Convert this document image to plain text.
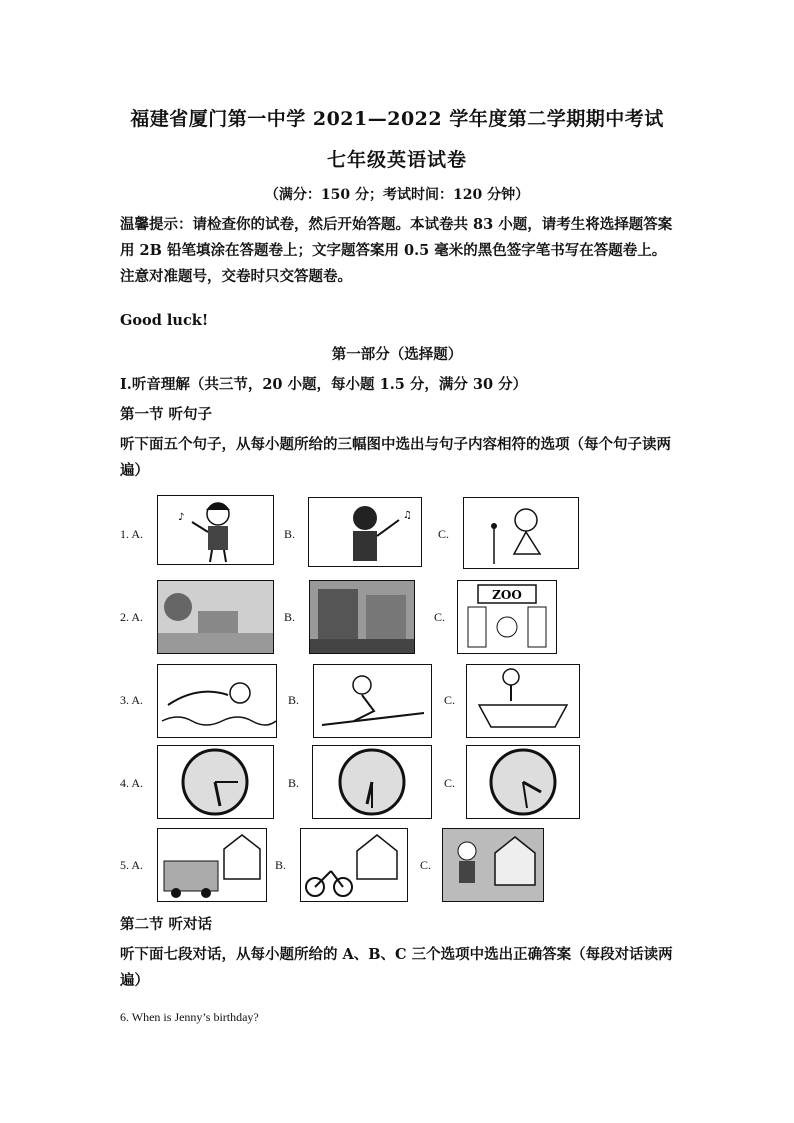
福建省厦门第一中学 2021—2022 学年度第二学期期中考试
七年级英语试卷
（满分：150 分；考试时间：120 分钟）
温馨提示：请检查你的试卷，然后开始答题。本试卷共 83 小题，请考生将选择题答案用 2B 铅笔填涂在答题卷上；文字题答案用 0.5 毫米的黑色签字笔书写在答题卷上。注意对准题号，交卷时只交答题卷。
Good luck!
第一部分（选择题）
Ⅰ.听音理解（共三节，20 小题，每小题 1.5 分，满分 30 分）
第一节 听句子
听下面五个句子，从每小题所给的三幅图中选出与句子内容相符的选项（每个句子读两遍）
1. A.
♪
B.
♫
C.
2. A.	B.	C.
ZOO
3. A.	B.	C.
4. A.	B.	C.
5. A.	B.	C.
第二节 听对话
听下面七段对话，从每小题所给的 A、B、C 三个选项中选出正确答案（每段对话读两遍）
6. When is Jenny’s birthday?
